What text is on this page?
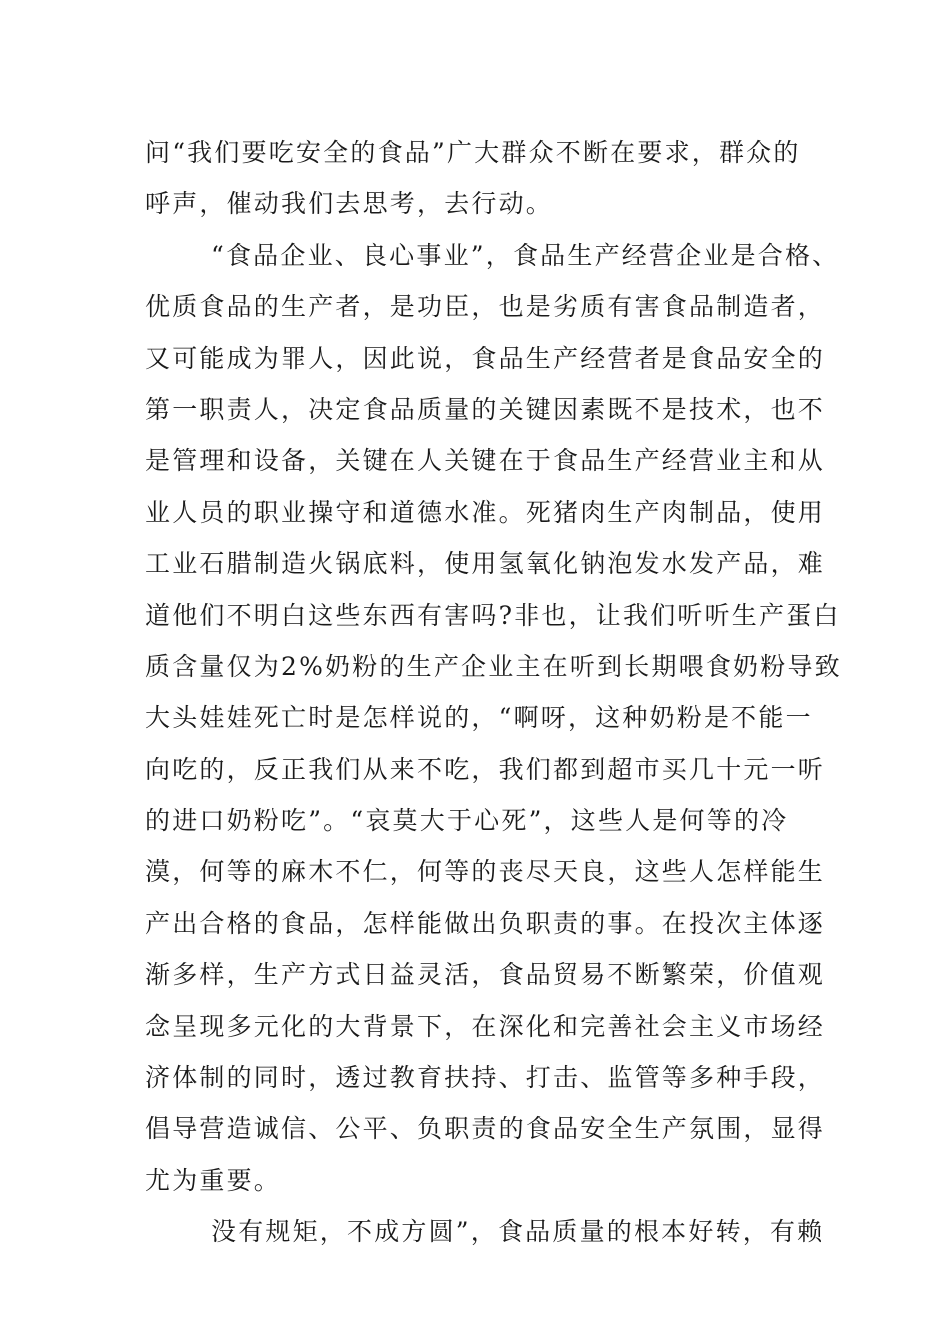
问“我们要吃安全的食品”广大群众不断在要求，群众的
呼声，催动我们去思考，去行动。
“食品企业、良心事业”，食品生产经营企业是合格、
优质食品的生产者，是功臣，也是劣质有害食品制造者，
又可能成为罪人，因此说，食品生产经营者是食品安全的
第一职责人，决定食品质量的关键因素既不是技术，也不
是管理和设备，关键在人关键在于食品生产经营业主和从
业人员的职业操守和道德水准。死猪肉生产肉制品，使用
工业石腊制造火锅底料，使用氢氧化钠泡发水发产品，难
道他们不明白这些东西有害吗?非也，让我们听听生产蛋白
质含量仅为2%奶粉的生产企业主在听到长期喂食奶粉导致
大头娃娃死亡时是怎样说的，“啊呀，这种奶粉是不能一
向吃的，反正我们从来不吃，我们都到超市买几十元一听
的进口奶粉吃”。“哀莫大于心死”，这些人是何等的冷
漠，何等的麻木不仁，何等的丧尽天良，这些人怎样能生
产出合格的食品，怎样能做出负职责的事。在投次主体逐
渐多样，生产方式日益灵活，食品贸易不断繁荣，价值观
念呈现多元化的大背景下，在深化和完善社会主义市场经
济体制的同时，透过教育扶持、打击、监管等多种手段，
倡导营造诚信、公平、负职责的食品安全生产氛围，显得
尤为重要。
没有规矩，不成方圆”，食品质量的根本好转，有赖
